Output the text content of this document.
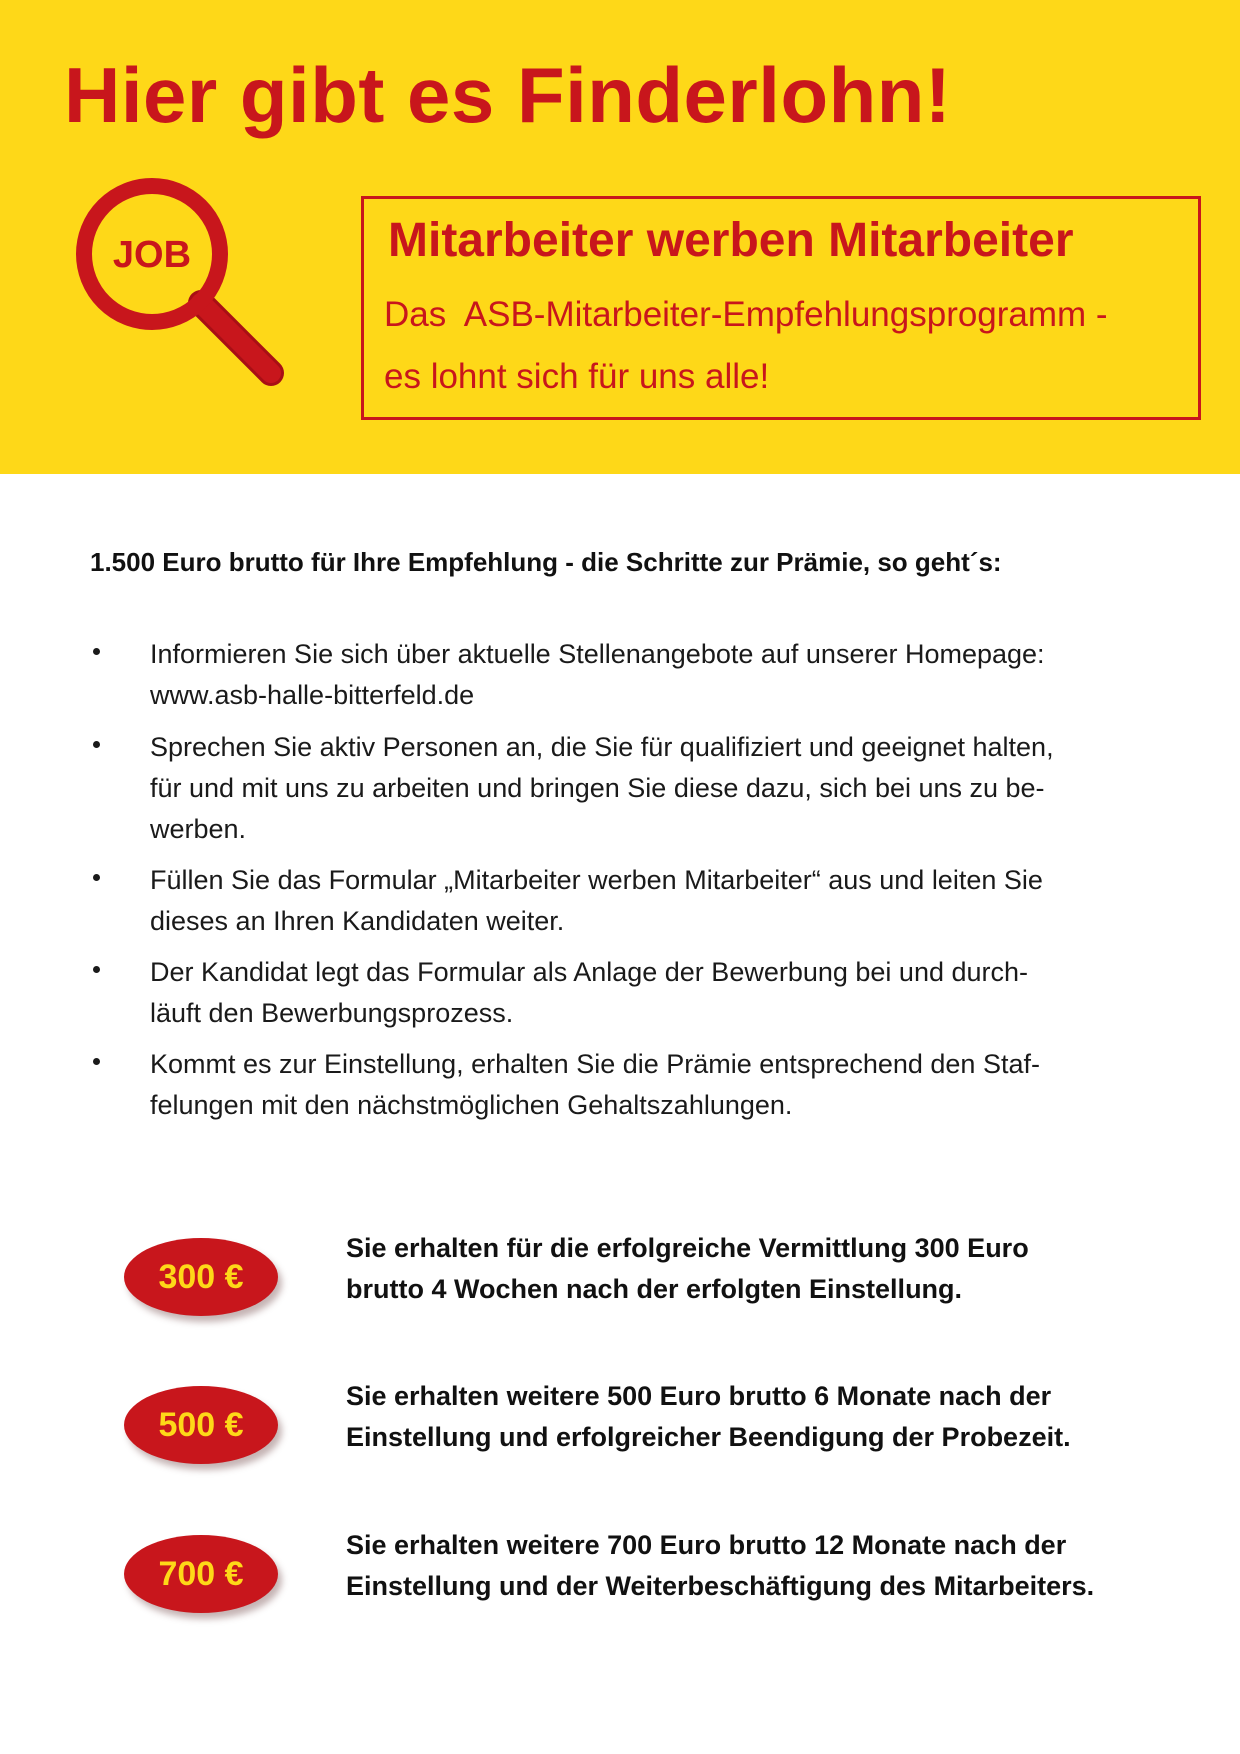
Hier gibt es Finderlohn!
JOB	Mitarbeiter werben Mitarbeiter

Das  ASB-Mitarbeiter-Empfehlungsprogramm -

es lohnt sich für uns alle!

1.500 Euro brutto für Ihre Empfehlung - die Schritte zur Prämie, so geht´s:

Informieren Sie sich über aktuelle Stellenangebote auf unserer Homepage:
www.asb-halle-bitterfeld.de
Sprechen Sie aktiv Personen an, die Sie für qualifiziert und geeignet halten,
für und mit uns zu arbeiten und bringen Sie diese dazu, sich bei uns zu be-
werben.
Füllen Sie das Formular „Mitarbeiter werben Mitarbeiter“ aus und leiten Sie
dieses an Ihren Kandidaten weiter.
Der Kandidat legt das Formular als Anlage der Bewerbung bei und durch-
läuft den Bewerbungsprozess.
Kommt es zur Einstellung, erhalten Sie die Prämie entsprechend den Staf-
felungen mit den nächstmöglichen Gehaltszahlungen.
300 €
Sie erhalten für die erfolgreiche Vermittlung 300 Euro
brutto 4 Wochen nach der erfolgten Einstellung.
500 €
Sie erhalten weitere 500 Euro brutto 6 Monate nach der
Einstellung und erfolgreicher Beendigung der Probezeit.
700 €
Sie erhalten weitere 700 Euro brutto 12 Monate nach der
Einstellung und der Weiterbeschäftigung des Mitarbeiters.
